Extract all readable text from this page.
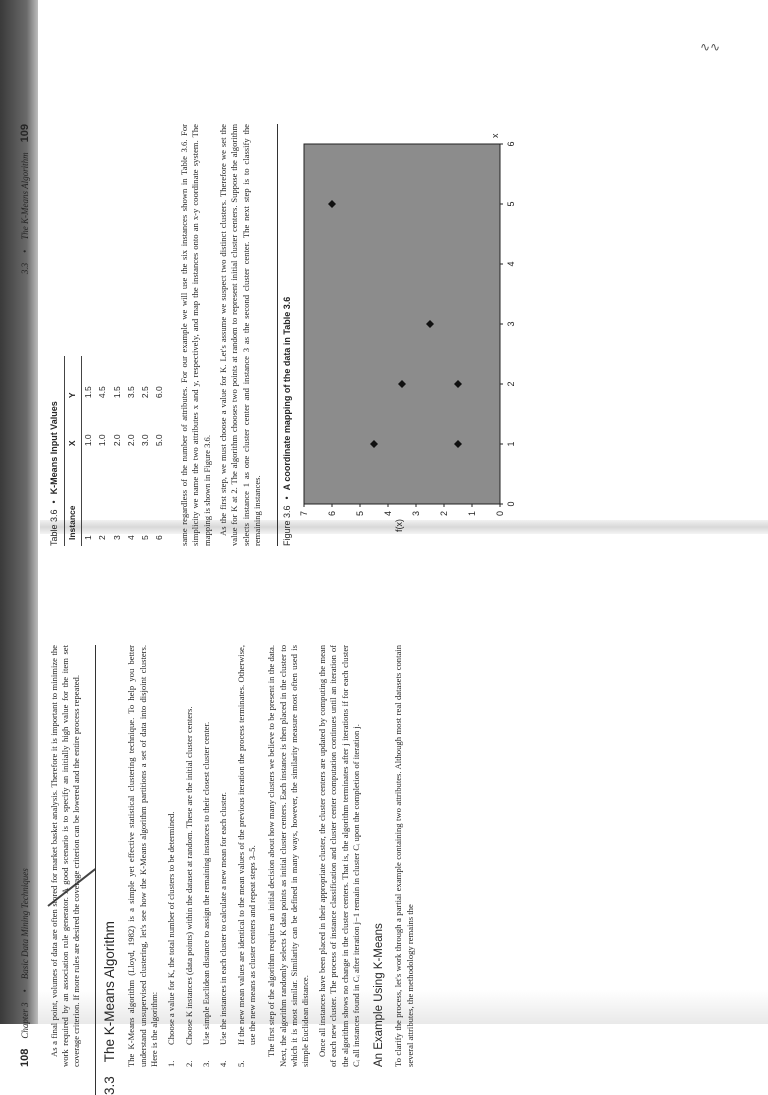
108
Chapter 3
•
Basic Data Mining Techniques As a final point, volumes of data are often stored for market basket analysis. Therefore it is important to minimize the work required by an association rule generator. A good scenario is to specify an initially high value for the item set coverage criterion. If more rules are desired the coverage criterion can be lowered and the entire process repeated.

3.3
The K-Means Algorithm The K-Means algorithm (Lloyd, 1982) is a simple yet effective statistical clustering technique. To help you better understand unsupervised clustering, let's see how the K-Means algorithm partitions a set of data into disjoint clusters. Here is the algorithm: 1.
Choose a value for K, the total number of clusters to be determined.
2.
Choose K instances (data points) within the dataset at random. These are the initial cluster centers.
3.
Use simple Euclidean distance to assign the remaining instances to their closest cluster center.
4.
Use the instances in each cluster to calculate a new mean for each cluster.
5.
If the new mean values are identical to the mean values of the previous iteration the process terminates. Otherwise, use the new means as cluster centers and repeat steps 3–5. The first step of the algorithm requires an initial decision about how many clusters we believe to be present in the data. Next, the algorithm randomly selects K data points as initial cluster centers. Each instance is then placed in the cluster to which it is most similar. Similarity can be defined in many ways, however, the similarity measure most often used is simple Euclidean distance. Once all instances have been placed in their appropriate cluster, the cluster centers are updated by computing the mean of each new cluster. The process of instance classification and cluster center computation continues until an iteration of the algorithm shows no change in the cluster centers. That is, the algorithm terminates after j iterations if for each cluster Cᵢ all instances found in Cᵢ after iteration j−1 remain in cluster Cᵢ upon the completion of iteration j. An Example Using K-Means To clarify the process, let's work through a partial example containing two attributes. Although most real datasets contain several attributes, the methodology remains the

3.3
•
The K-Means Algorithm
109
Table 3.6
•
K-Means Input Values
Instance	X	Y
1	1.0	1.5
2	1.0	4.5
3	2.0	1.5
4	2.0	3.5
5	3.0	2.5
6	5.0	6.0 same regardless of the number of attributes. For our example we will use the six instances shown in Table 3.6. For simplicity we name the two attributes x and y, respectively, and map the instances onto an x-y coordinate system. The mapping is shown in Figure 3.6. As the first step, we must choose a value for K. Let's assume we suspect two distinct clusters. Therefore we set the value for K at 2. The algorithm chooses two points at random to represent initial cluster centers. Suppose the algorithm selects instance 1 as one cluster center and instance 3 as the second cluster center. The next step is to classify the remaining instances. Figure 3.6
•
A coordinate mapping of the data in Table 3.6
0
1
2
3
4
5
6
7
0
1
2
3
4
5
6
f(x)
x
∿∿
